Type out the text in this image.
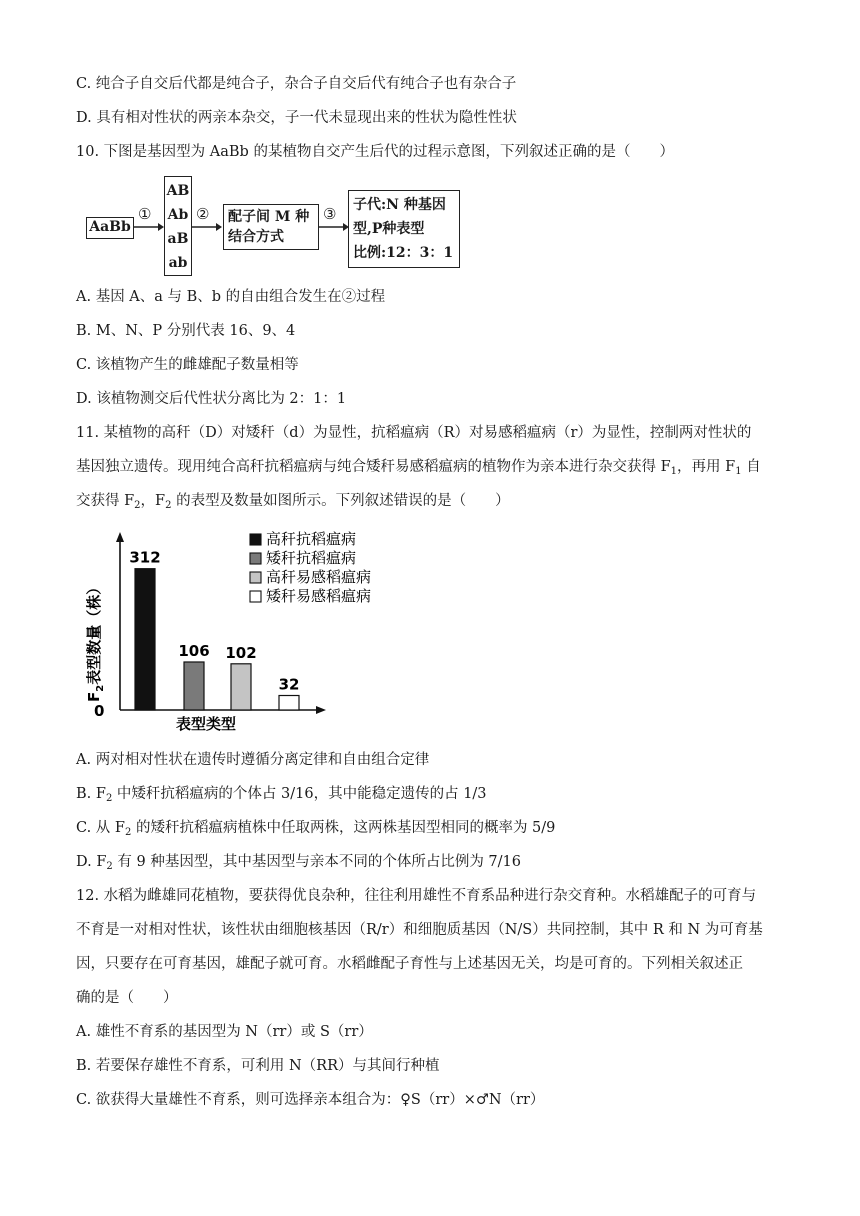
C. 纯合子自交后代都是纯合子，杂合子自交后代有纯合子也有杂合子
D. 具有相对性状的两亲本杂交，子一代未显现出来的性状为隐性性状
10. 下图是基因型为 AaBb 的某植物自交产生后代的过程示意图，下列叙述正确的是（　　）
AaBb
①
AB
Ab
aB
ab
② 配子间 M 种
结合方式
③ 子代:N 种基因
型,P种表型
比例:12：3：1
A. 基因 A、a 与 B、b 的自由组合发生在②过程
B. M、N、P 分别代表 16、9、4
C. 该植物产生的雌雄配子数量相等
D. 该植物测交后代性状分离比为 2：1：1
11. 某植物的高秆（D）对矮秆（d）为显性，抗稻瘟病（R）对易感稻瘟病（r）为显性，控制两对性状的
基因独立遗传。现用纯合高秆抗稻瘟病与纯合矮秆易感稻瘟病的植物作为亲本进行杂交获得 $F_1$，再用 $F_1$ 自
交获得 $F_2$，$F_2$ 的表型及数量如图所示。下列叙述错误的是（　　）
0
表型类型
$F_2$表型数量（株）
312
106 102
32
高秆抗稻瘟病
矮秆抗稻瘟病
高秆易感稻瘟病
矮秆易感稻瘟病
A. 两对相对性状在遗传时遵循分离定律和自由组合定律
B. $F_2$ 中矮秆抗稻瘟病的个体占 3/16，其中能稳定遗传的占 1/3
C. 从 $F_2$ 的矮秆抗稻瘟病植株中任取两株，这两株基因型相同的概率为 5/9
D. $F_2$ 有 9 种基因型，其中基因型与亲本不同的个体所占比例为 7/16
12. 水稻为雌雄同花植物，要获得优良杂种，往往利用雄性不育系品种进行杂交育种。水稻雄配子的可育与
不育是一对相对性状，该性状由细胞核基因（R/r）和细胞质基因（N/S）共同控制，其中 R 和 N 为可育基
因，只要存在可育基因，雄配子就可育。水稻雌配子育性与上述基因无关，均是可育的。下列相关叙述正
确的是（　　）
A. 雄性不育系的基因型为 N（rr）或 S（rr）
B. 若要保存雄性不育系，可利用 N（RR）与其间行种植
C. 欲获得大量雄性不育系，则可选择亲本组合为：♀S（rr）×♂N（rr）
